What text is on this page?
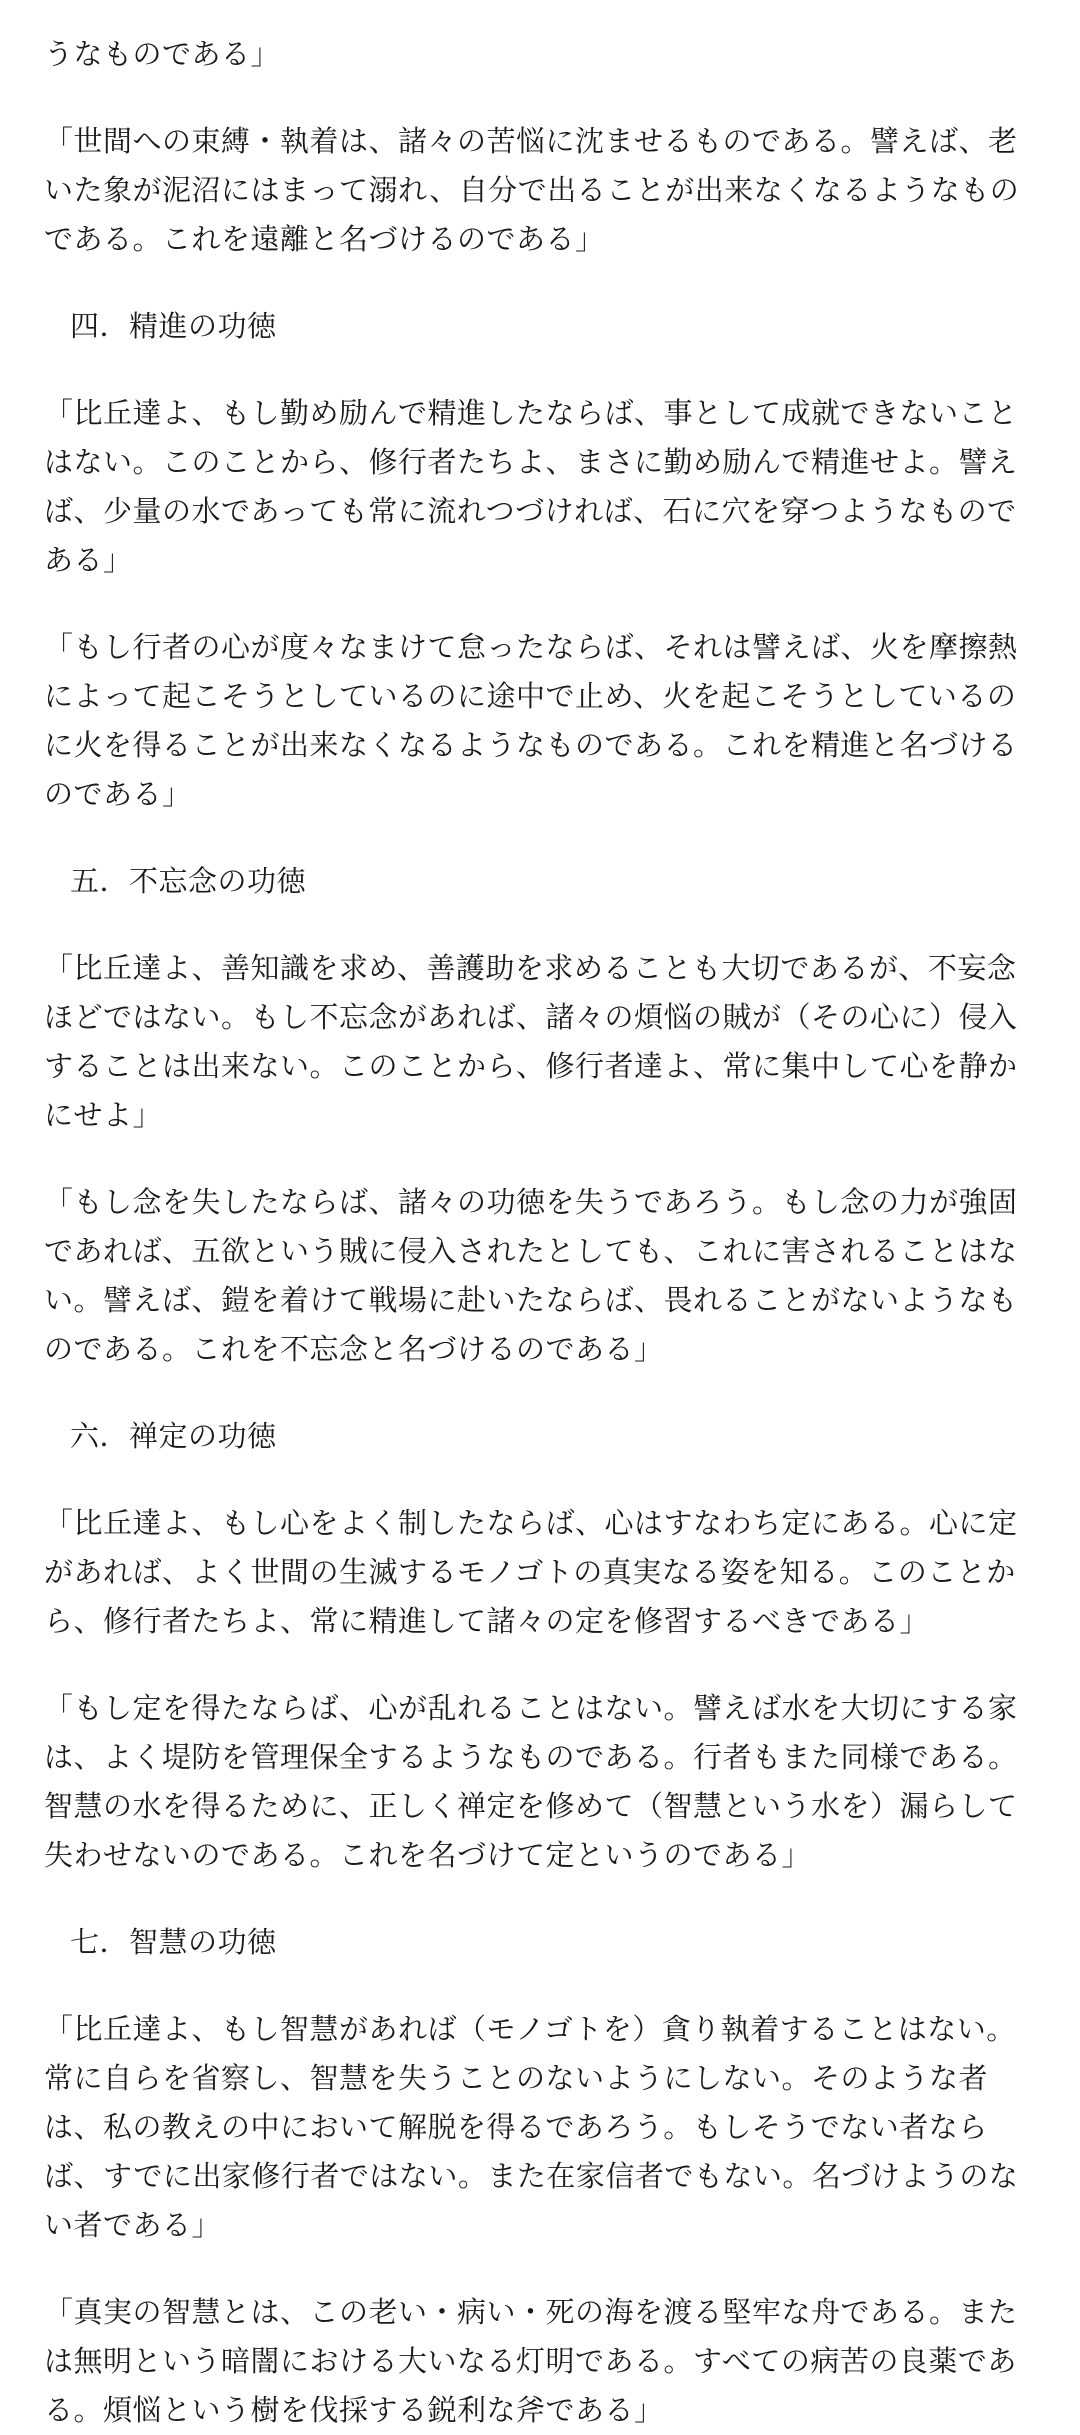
うなものである」

「世間への束縛・執着は、諸々の苦悩に沈ませるものである。譬えば、老いた象が泥沼にはまって溺れ、自分で出ることが出来なくなるようなものである。これを遠離と名づけるのである」

四．精進の功徳

「比丘達よ、もし勤め励んで精進したならば、事として成就できないことはない。このことから、修行者たちよ、まさに勤め励んで精進せよ。譬えば、少量の水であっても常に流れつづければ、石に穴を穿つようなものである」

「もし行者の心が度々なまけて怠ったならば、それは譬えば、火を摩擦熱によって起こそうとしているのに途中で止め、火を起こそうとしているのに火を得ることが出来なくなるようなものである。これを精進と名づけるのである」

五．不忘念の功徳

「比丘達よ、善知識を求め、善護助を求めることも大切であるが、不妄念ほどではない。もし不忘念があれば、諸々の煩悩の賊が（その心に）侵入することは出来ない。このことから、修行者達よ、常に集中して心を静かにせよ」

「もし念を失したならば、諸々の功徳を失うであろう。もし念の力が強固であれば、五欲という賊に侵入されたとしても、これに害されることはない。譬えば、鎧を着けて戦場に赴いたならば、畏れることがないようなものである。これを不忘念と名づけるのである」

六．禅定の功徳

「比丘達よ、もし心をよく制したならば、心はすなわち定にある。心に定があれば、よく世間の生滅するモノゴトの真実なる姿を知る。このことから、修行者たちよ、常に精進して諸々の定を修習するべきである」

「もし定を得たならば、心が乱れることはない。譬えば水を大切にする家は、よく堤防を管理保全するようなものである。行者もまた同様である。智慧の水を得るために、正しく禅定を修めて（智慧という水を）漏らして失わせないのである。これを名づけて定というのである」

七．智慧の功徳

「比丘達よ、もし智慧があれば（モノゴトを）貪り執着することはない。常に自らを省察し、智慧を失うことのないようにしない。そのような者は、私の教えの中において解脱を得るであろう。もしそうでない者ならば、すでに出家修行者ではない。また在家信者でもない。名づけようのない者である」

「真実の智慧とは、この老い・病い・死の海を渡る堅牢な舟である。または無明という暗闇における大いなる灯明である。すべての病苦の良薬である。煩悩という樹を伐採する鋭利な斧である」
